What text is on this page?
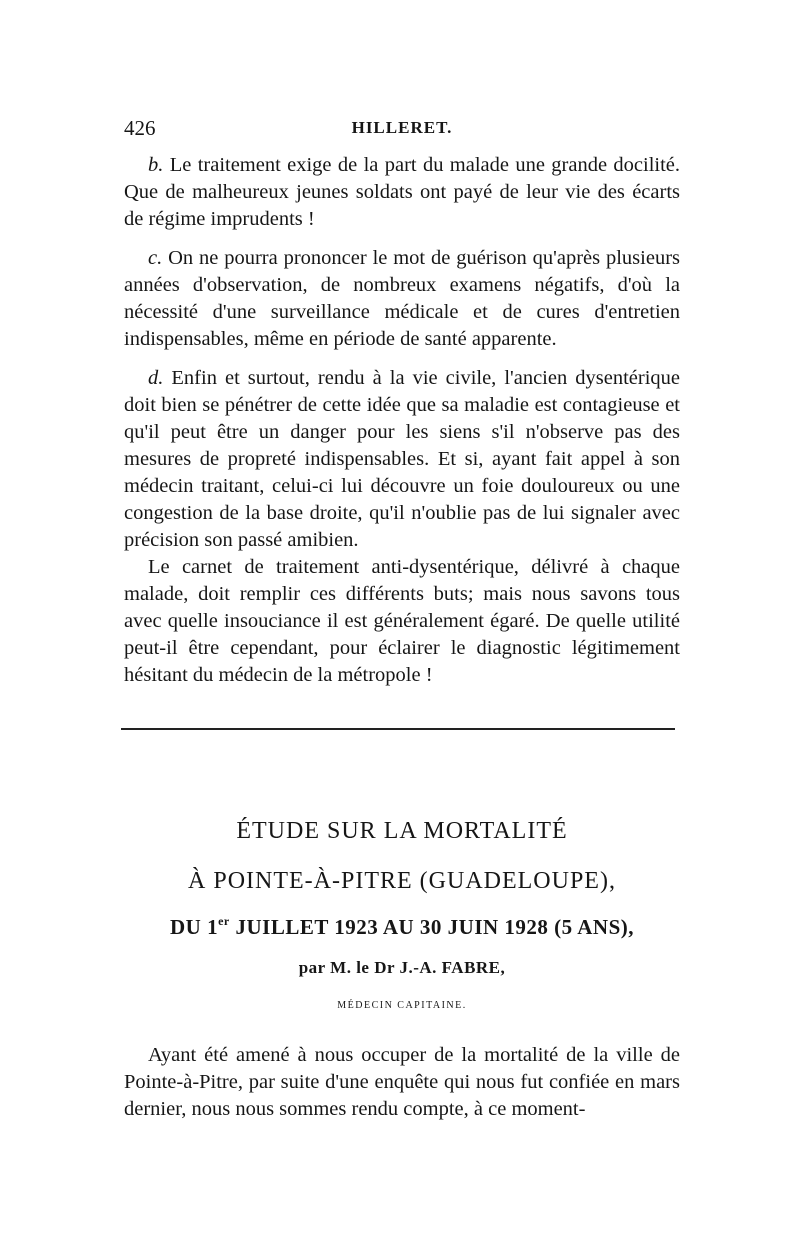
426	HILLERET.

b. Le traitement exige de la part du malade une grande docilité. Que de malheureux jeunes soldats ont payé de leur vie des écarts de régime imprudents !

c. On ne pourra prononcer le mot de guérison qu'après plusieurs années d'observation, de nombreux examens négatifs, d'où la nécessité d'une surveillance médicale et de cures d'entretien indispensables, même en période de santé apparente.

d. Enfin et surtout, rendu à la vie civile, l'ancien dysentérique doit bien se pénétrer de cette idée que sa maladie est contagieuse et qu'il peut être un danger pour les siens s'il n'observe pas des mesures de propreté indispensables. Et si, ayant fait appel à son médecin traitant, celui-ci lui découvre un foie douloureux ou une congestion de la base droite, qu'il n'oublie pas de lui signaler avec précision son passé amibien.

Le carnet de traitement anti-dysentérique, délivré à chaque malade, doit remplir ces différents buts; mais nous savons tous avec quelle insouciance il est généralement égaré. De quelle utilité peut-il être cependant, pour éclairer le diagnostic légitimement hésitant du médecin de la métropole !

ÉTUDE SUR LA MORTALITÉ
À POINTE-À-PITRE (GUADELOUPE),
DU 1er JUILLET 1923 AU 30 JUIN 1928 (5 ANS),
par M. le Dr J.-A. FABRE,
MÉDECIN CAPITAINE.

Ayant été amené à nous occuper de la mortalité de la ville de Pointe-à-Pitre, par suite d'une enquête qui nous fut confiée en mars dernier, nous nous sommes rendu compte, à ce moment-
